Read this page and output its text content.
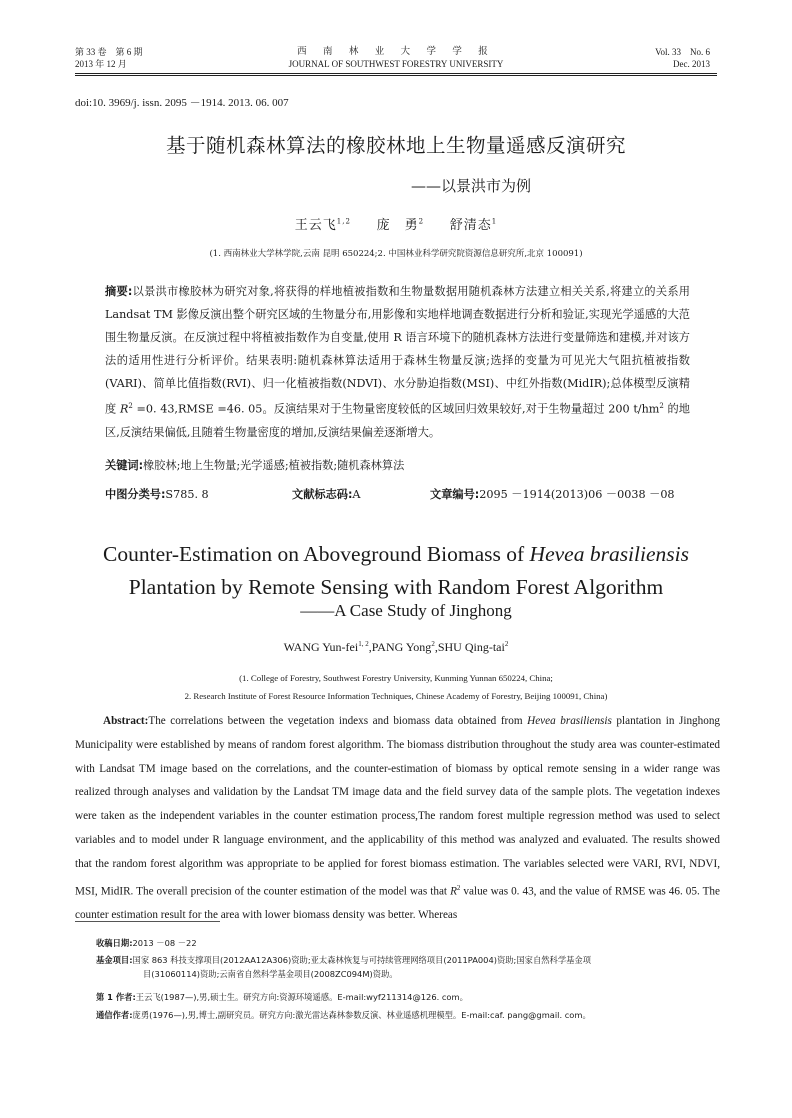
第 33 卷　第 6 期
2013 年 12 月
西 南 林 业 大 学 学 报
JOURNAL OF SOUTHWEST FORESTRY UNIVERSITY
Vol. 33　No. 6
Dec. 2013
doi:10. 3969/j. issn. 2095 －1914. 2013. 06. 007
基于随机森林算法的橡胶林地上生物量遥感反演研究
——以景洪市为例
王云飞$^{1,2}$ 庞　勇$^2$ 舒清态$^1$
(1. 西南林业大学林学院,云南 昆明 650224;2. 中国林业科学研究院资源信息研究所,北京 100091)
摘要:以景洪市橡胶林为研究对象,将获得的样地植被指数和生物量数据用随机森林方法建立相关关系,将建立的关系用 Landsat TM 影像反演出整个研究区域的生物量分布,用影像和实地样地调查数据进行分析和验证,实现光学遥感的大范围生物量反演。在反演过程中将植被指数作为自变量,使用 R 语言环境下的随机森林方法进行变量筛选和建模,并对该方法的适用性进行分析评价。结果表明:随机森林算法适用于森林生物量反演;选择的变量为可见光大气阻抗植被指数(VARI)、简单比值指数(RVI)、归一化植被指数(NDVI)、水分胁迫指数(MSI)、中红外指数(MidIR);总体模型反演精度 $R^2 =0$. 43,RMSE =46. 05。反演结果对于生物量密度较低的区域回归效果较好,对于生物量超过 200 $t/hm^2$ 的地区,反演结果偏低,且随着生物量密度的增加,反演结果偏差逐渐增大。
关键词:橡胶林;地上生物量;光学遥感;植被指数;随机森林算法
中图分类号:S785. 8	文献标志码:A	文章编号:2095 －1914(2013)06 －0038 －08
Counter-Estimation on Aboveground Biomass of Hevea brasiliensis
Plantation by Remote Sensing with Random Forest Algorithm
——A Case Study of Jinghong
WANG Yun-fei$^{1, 2}$,PANG Yong$^2$,SHU Qing-tai$^2$
(1. College of Forestry, Southwest Forestry University, Kunming Yunnan 650224, China;
2. Research Institute of Forest Resource Information Techniques, Chinese Academy of Forestry, Beijing 100091, China)

Abstract:The correlations between the vegetation indexs and biomass data obtained from Hevea brasiliensis plantation in Jinghong Municipality were established by means of random forest algorithm. The biomass distribution throughout the study area was counter-estimated with Landsat TM image based on the correlations, and the counter-estimation of biomass by optical remote sensing in a wider range was realized through analyses and validation by the Landsat TM image data and the field survey data of the sample plots. The vegetation indexes were taken as the independent variables in the counter estimation process,The random forest multiple regression method was used to select variables and to model under R language environment, and the applicability of this method was analyzed and evaluated. The results showed that the random forest algorithm was appropriate to be applied for forest biomass estimation. The variables selected were VARI, RVI, NDVI, MSI, MidIR. The overall precision of the counter estimation of the model was that $R^2$ value was 0. 43, and the value of RMSE was 46. 05. The counter estimation result for the area with lower biomass density was better. Whereas

收稿日期:2013 －08 －22
基金项目:国家 863 科技支撑项目(2012AA12A306)资助;亚太森林恢复与可持续管理网络项目(2011PA004)资助;国家自然科学基金项
目(31060114)资助;云南省自然科学基金项目(2008ZC094M)资助。
第 1 作者:王云飞(1987—),男,硕士生。研究方向:资源环境遥感。E-mail:wyf211314@126. com。
通信作者:庞勇(1976—),男,博士,副研究员。研究方向:激光雷达森林参数反演、林业遥感机理模型。E-mail:caf. pang@gmail. com。
